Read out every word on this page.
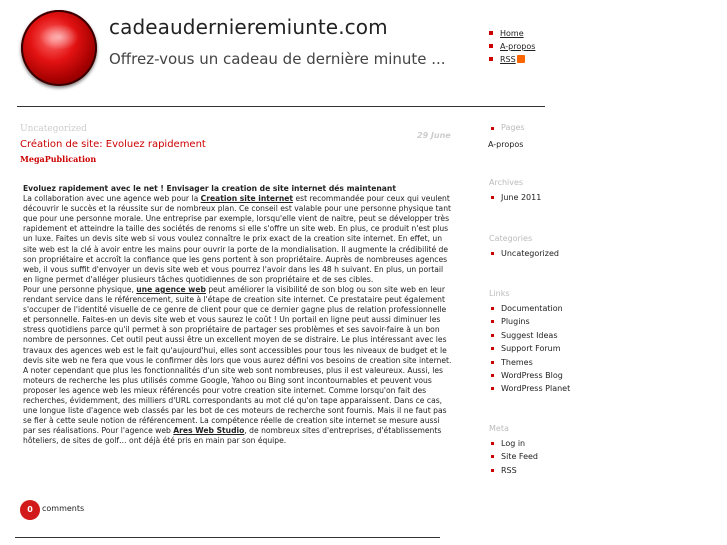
cadeaudernieremiunte.com
Offrez-vous un cadeau de dernière minute ...
Home
A-propos
RSS
Uncategorized
29 June
Création de site: Evoluez rapidement
MegaPublication

Evoluez rapidement avec le net ! Envisager la creation de site internet dés maintenant

La collaboration avec une agence web pour la Creation site internet est recommandée pour ceux qui veulent découvrir le succès et la réussite sur de nombreux plan. Ce conseil est valable pour une personne physique tant que pour une personne morale. Une entreprise par exemple, lorsqu'elle vient de naitre, peut se développer très rapidement et atteindre la taille des sociétés de renoms si elle s'offre un site web. En plus, ce produit n'est plus un luxe. Faites un devis site web si vous voulez connaître le prix exact de la creation site internet. En effet, un site web est la clé à avoir entre les mains pour ouvrir la porte de la mondialisation. Il augmente la crédibilité de son propriétaire et accroît la confiance que les gens portent à son propriétaire. Auprès de nombreuses agences web, il vous suffit d'envoyer un devis site web et vous pourrez l'avoir dans les 48 h suivant. En plus, un portail en ligne permet d'alléger plusieurs tâches quotidiennes de son propriétaire et de ses cibles.

Pour une personne physique, une agence web peut améliorer la visibilité de son blog ou son site web en leur rendant service dans le référencement, suite à l'étape de creation site internet. Ce prestataire peut également s'occuper de l'identité visuelle de ce genre de client pour que ce dernier gagne plus de relation professionnelle et personnelle. Faites-en un devis site web et vous saurez le coût ! Un portail en ligne peut aussi diminuer les stress quotidiens parce qu'il permet à son propriétaire de partager ses problèmes et ses savoir-faire à un bon nombre de personnes. Cet outil peut aussi être un excellent moyen de se distraire. Le plus intéressant avec les travaux des agences web est le fait qu'aujourd'hui, elles sont accessibles pour tous les niveaux de budget et le devis site web ne fera que vous le confirmer dès lors que vous aurez défini vos besoins de creation site internet. A noter cependant que plus les fonctionnalités d'un site web sont nombreuses, plus il est valeureux. Aussi, les moteurs de recherche les plus utilisés comme Google, Yahoo ou Bing sont incontournables et peuvent vous proposer les agence web les mieux référencés pour votre creation site internet. Comme lorsqu'on fait des recherches, évidemment, des milliers d'URL correspondants au mot clé qu'on tape apparaissent. Dans ce cas, une longue liste d'agence web classés par les bot de ces moteurs de recherche sont fournis. Mais il ne faut pas se fier à cette seule notion de référencement. La compétence réelle de creation site internet se mesure aussi par ses réalisations. Pour l'agence web Ares Web Studio, de nombreux sites d'entreprises, d'établissements hôteliers, de sites de golf… ont déjà été pris en main par son équipe.

0	comments
Pages
A-propos
Archives
June 2011
Categories
Uncategorized
Links
Documentation
Plugins
Suggest Ideas
Support Forum
Themes
WordPress Blog
WordPress Planet
Meta
Log in
Site Feed
RSS
